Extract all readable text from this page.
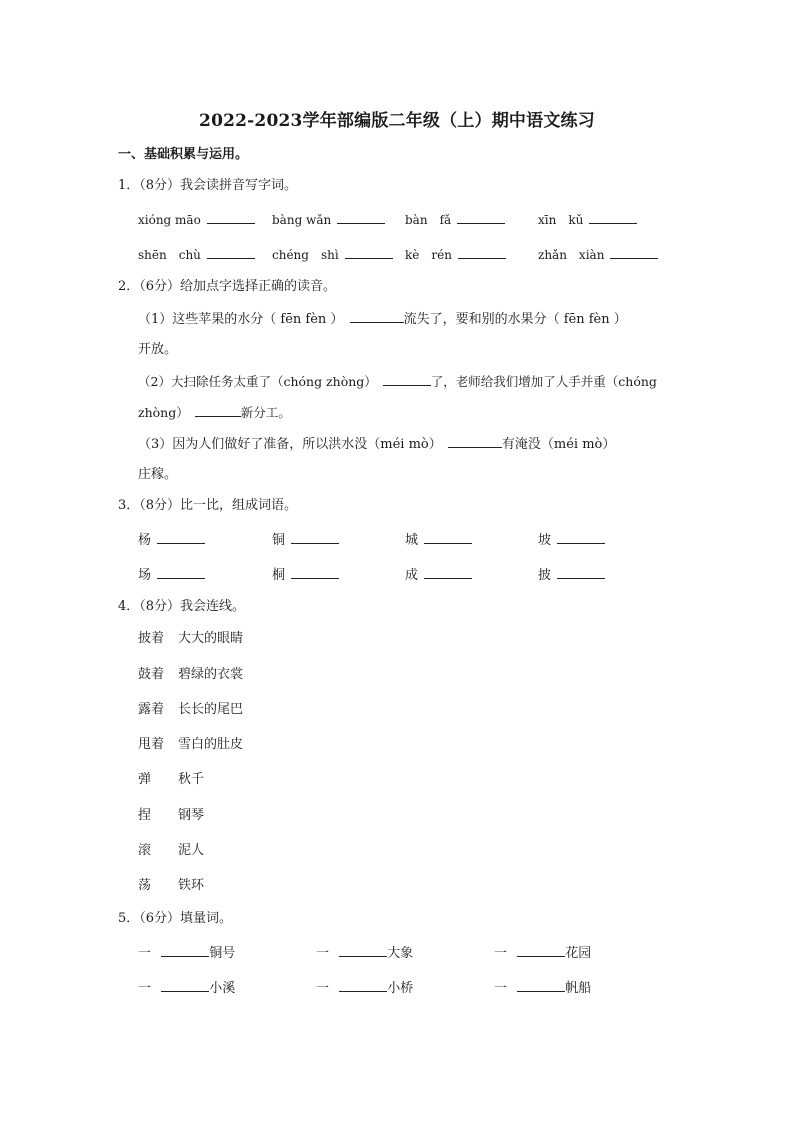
2022-2023学年部编版二年级（上）期中语文练习
一、基础积累与运用。
1．（8分）我会读拼音写字词。
xióng māo	bàng wǎn	bàn　fǎ	xīn　kǔ
shēn　chù	chéng　shì	kè　rén	zhǎn　xiàn
2．（6分）给加点字选择正确的读音。
（1）这些苹果的水分（ fēn fèn ）	流失了，要和别的水果分（ fēn fèn ）
开放。
（2）大扫除任务太重了（chóng zhòng）	了，老师给我们增加了人手并重（chóng
zhòng）	新分工。
（3）因为人们做好了准备，所以洪水没（méi mò）	有淹没（méi mò）
庄稼。
3．（8分）比一比，组成词语。
杨	铜	城	坡
场	桐	成	披
4．（8分）我会连线。
披着 大大的眼睛
鼓着 碧绿的衣裳
露着 长长的尾巴
甩着 雪白的肚皮
弹 秋千
捏 钢琴
滚 泥人
荡 铁环
5．（6分）填量词。
一	铜号	一	大象	一	花园
一	小溪	一	小桥	一	帆船
